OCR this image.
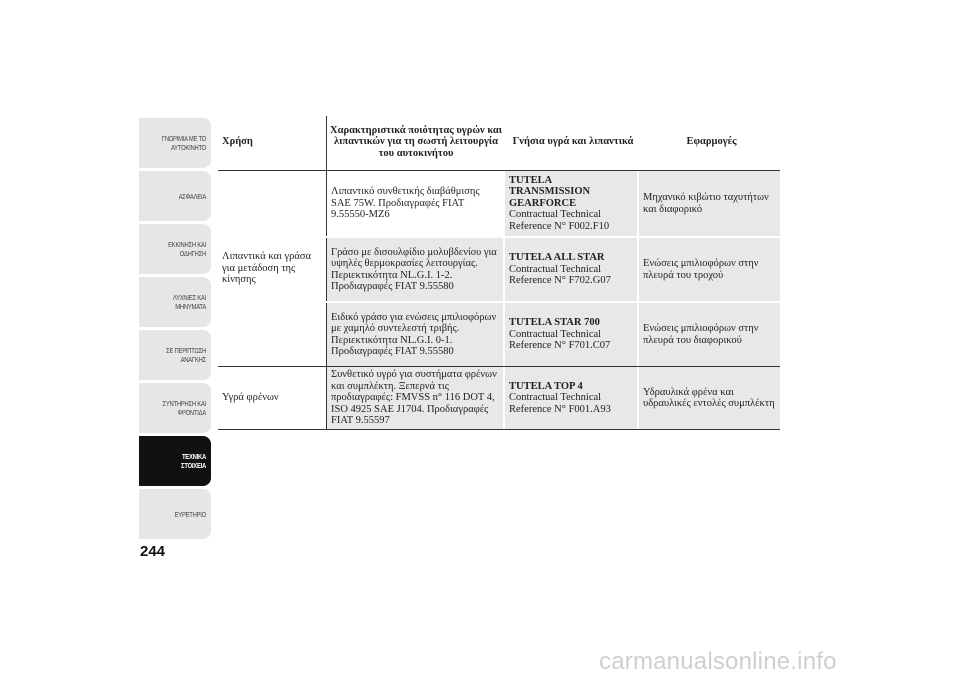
ΓΝΩΡΙΜΙΑ ΜΕ ΤΟ
ΑΥΤΟΚΙΝΗΤΟ
ΑΣΦΑΛΕΙΑ
ΕΚΚΙΝΗΣΗ ΚΑΙ
ΟΔΗΓΗΣΗ
ΛΥΧΝΙΕΣ ΚΑΙ
ΜΗΝΥΜΑΤΑ
ΣΕ ΠΕΡΙΠΤΩΣΗ
ΑΝΑΓΚΗΣ
ΣΥΝΤΗΡΗΣΗ ΚΑΙ
ΦΡΟΝΤΙΔΑ
ΤΕΧΝΙΚΑ
ΣΤΟΙΧΕΙΑ
ΕΥΡΕΤΗΡΙΟ
244
Χρήση
Χαρακτηριστικά ποιότητας υγρών και λιπαντικών για τη σωστή λειτουργία του αυτοκινήτου
Γνήσια υγρά και λιπαντικά	Εφαρμογές
Λιπαντικά και γράσα για μετάδοση της κίνησης
Υγρά φρένων
Λιπαντικό συνθετικής διαβάθμισης SAE 75W. Προδιαγραφές FIAT 9.55550-MZ6
TUTELA TRANSMISSION GEARFORCE
Contractual Technical Reference N° F002.F10
Μηχανικό κιβώτιο ταχυτήτων και διαφορικό
Γράσο με δισουλφίδιο μολυβδενίου για υψηλές θερμοκρασίες λειτουργίας. Περιεκτικότητα NL.G.I. 1-2. Προδιαγραφές FIAT 9.55580
TUTELA ALL STAR
Contractual Technical Reference N° F702.G07
Ενώσεις μπιλιοφόρων στην πλευρά του τροχού
Ειδικό γράσο για ενώσεις μπιλιοφόρων με χαμηλό συντελεστή τριβής. Περιεκτικότητα NL.G.I. 0-1. Προδιαγραφές FIAT 9.55580
TUTELA STAR 700
Contractual Technical Reference N° F701.C07
Ενώσεις μπιλιοφόρων στην πλευρά του διαφορικού
Συνθετικό υγρό για συστήματα φρένων και συμπλέκτη. Ξεπερνά τις προδιαγραφές: FMVSS n° 116 DOT 4, ISO 4925 SAE J1704. Προδιαγραφές FIAT 9.55597
TUTELA TOP 4
Contractual Technical Reference N° F001.A93
Υδραυλικά φρένα και υδραυλικές εντολές συμπλέκτη
carmanualsonline.info
